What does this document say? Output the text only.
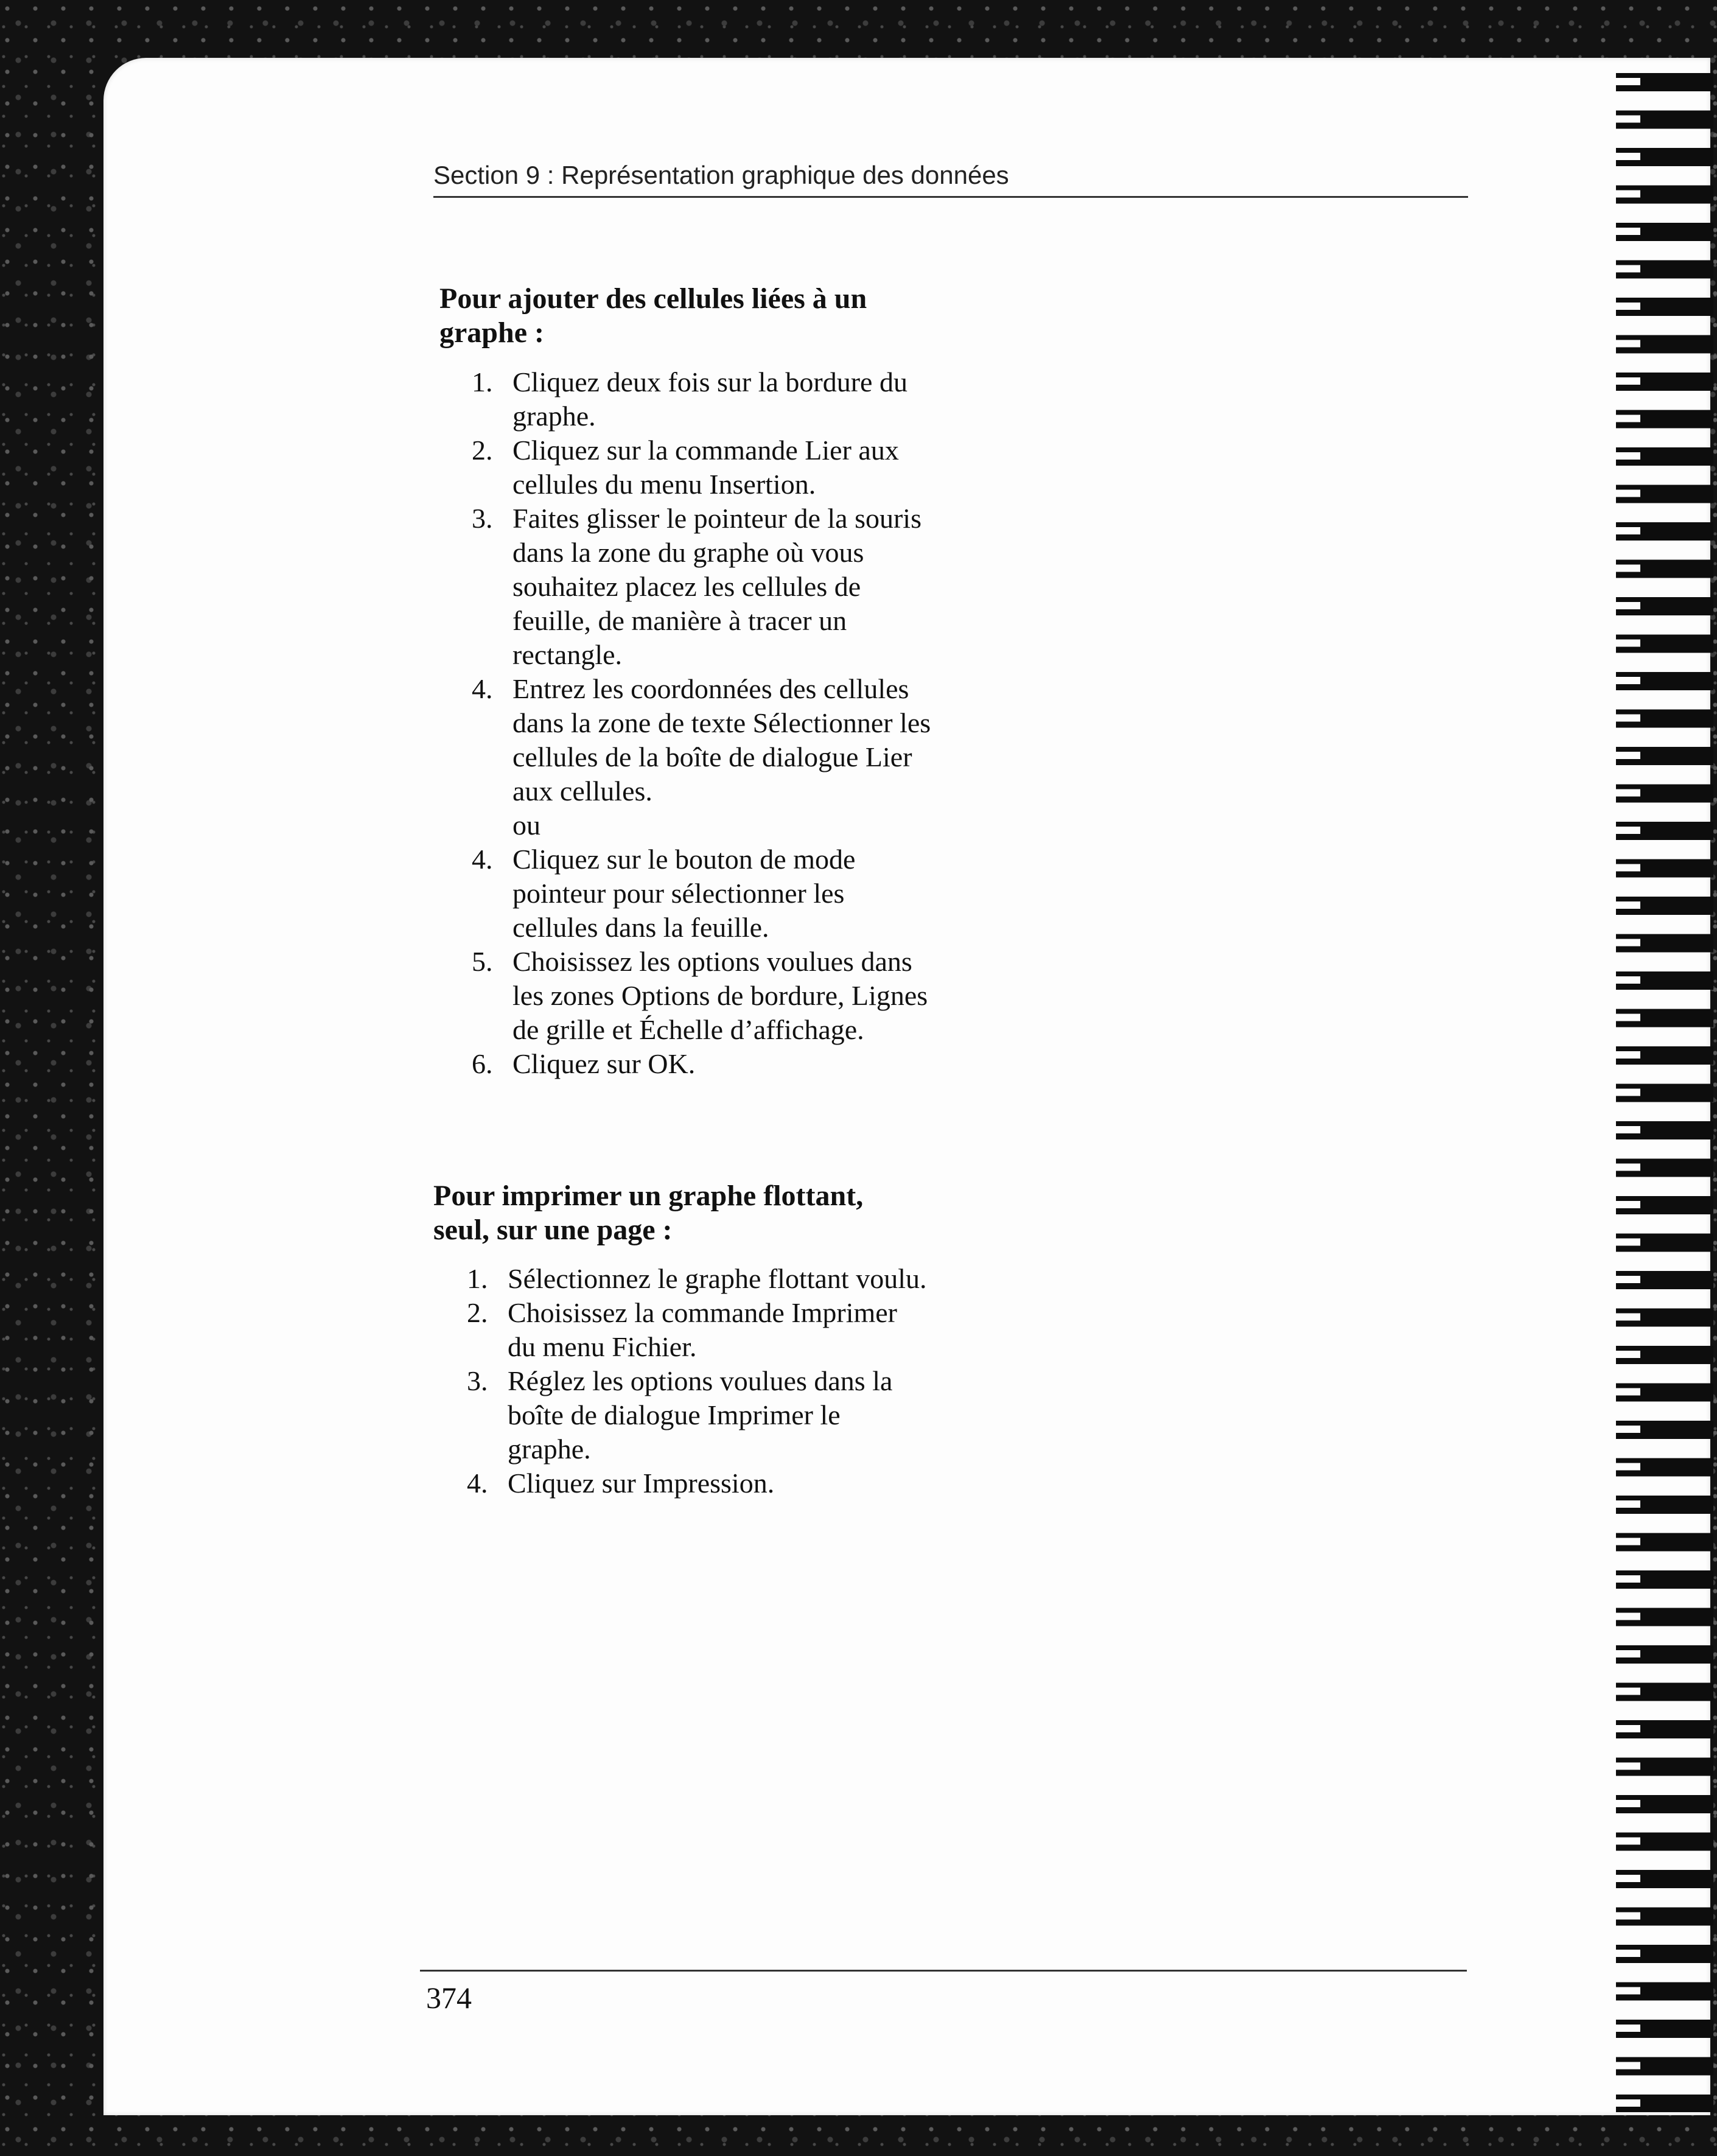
Section 9 : Représentation graphique des données
Pour ajouter des cellules liées à un graphe :
1. Cliquez deux fois sur la bordure du graphe.
2. Cliquez sur la commande Lier aux cellules du menu Insertion.
3. Faites glisser le pointeur de la souris dans la zone du graphe où vous souhaitez placez les cellules de feuille, de manière à tracer un rectangle.
4. Entrez les coordonnées des cellules dans la zone de texte Sélectionner les cellules de la boîte de dialogue Lier aux cellules.
ou
4. Cliquez sur le bouton de mode pointeur pour sélectionner les cellules dans la feuille.
5. Choisissez les options voulues dans les zones Options de bordure, Lignes de grille et Échelle d’affichage.
6. Cliquez sur OK.
Pour imprimer un graphe flottant, seul, sur une page :
1. Sélectionnez le graphe flottant voulu.
2. Choisissez la commande Imprimer du menu Fichier.
3. Réglez les options voulues dans la boîte de dialogue Imprimer le graphe.
4. Cliquez sur Impression.
374
